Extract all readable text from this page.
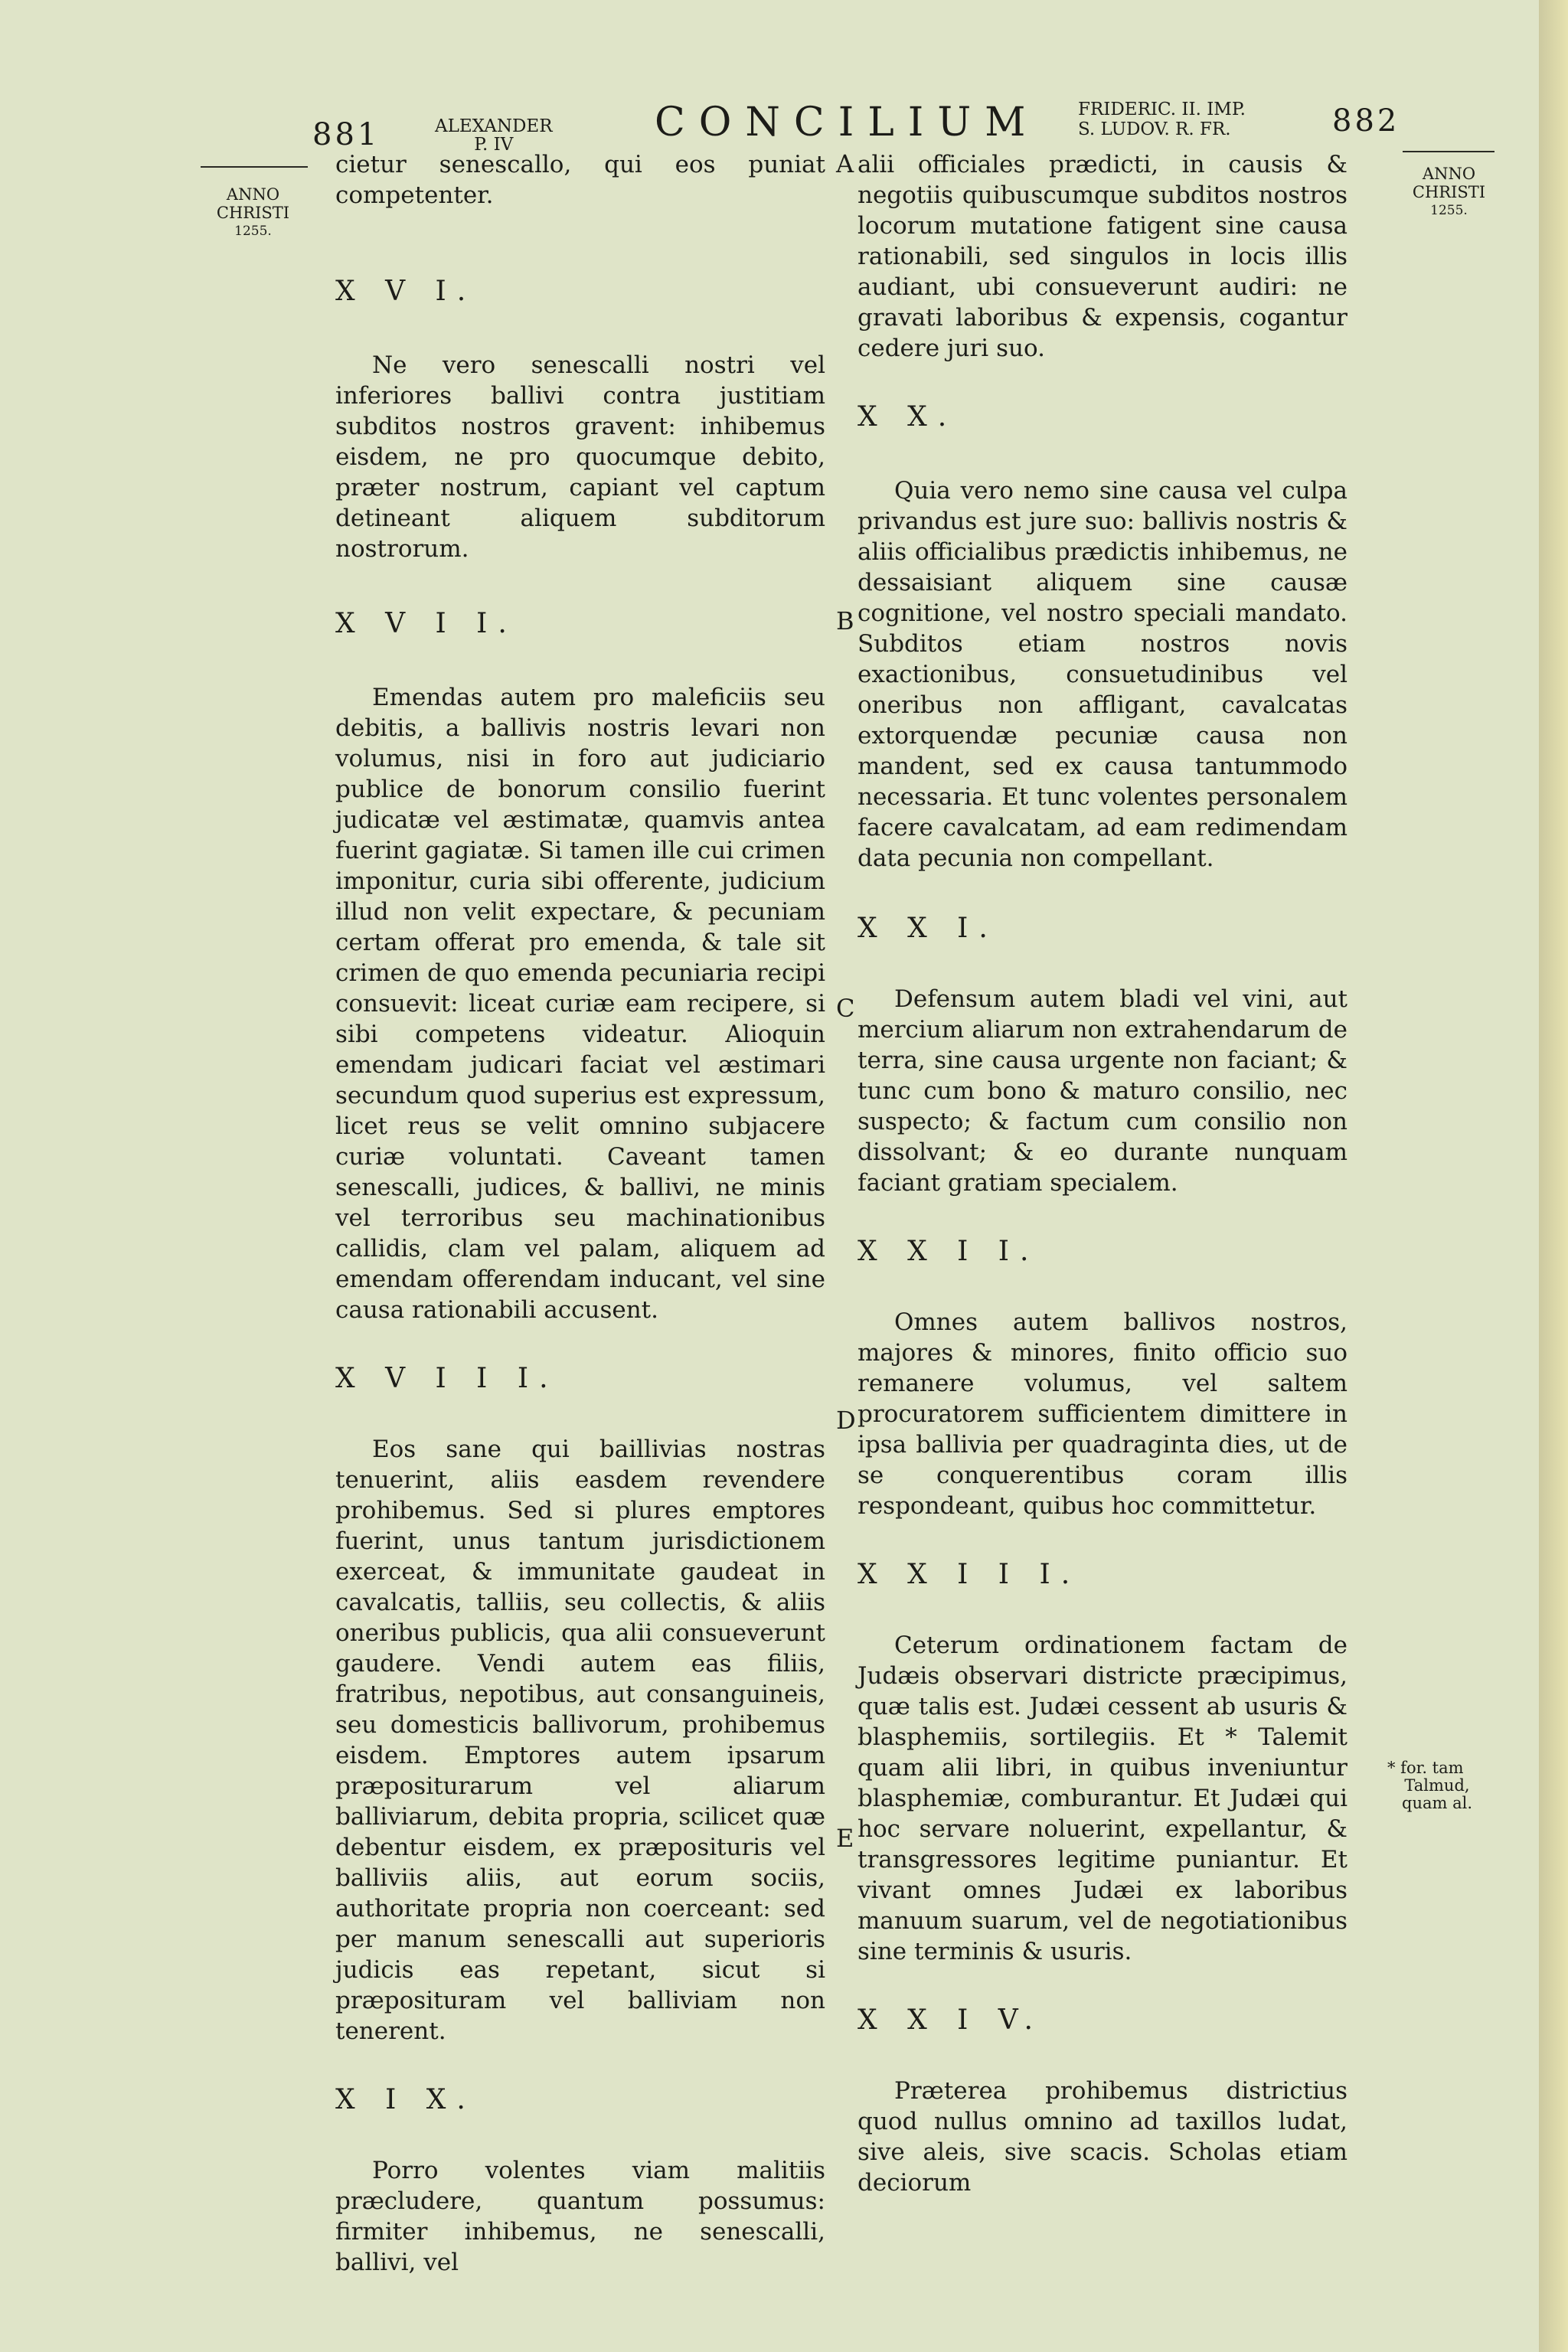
881	ALEXANDER
P. IV	CONCILIUM FRIDERIC. II. IMP.
S. LUDOV. R. FR.	882
ANNO
CHRISTI
1255.
ANNO
CHRISTI
1255.
A
B
C
D
E

cietur senescallo, qui eos puniat competenter.

X V I.

Ne vero senescalli nostri vel inferiores ballivi contra justitiam subditos nostros gravent: inhibemus eisdem, ne pro quocumque debito, præter nostrum, capiant vel captum detineant aliquem subditorum nostrorum.

X V I I.

Emendas autem pro maleficiis seu debitis, a ballivis nostris levari non volumus, nisi in foro aut judiciario publice de bonorum consilio fuerint judicatæ vel æstimatæ, quamvis antea fuerint gagiatæ. Si tamen ille cui crimen imponitur, curia sibi offerente, judicium illud non velit expectare, & pecuniam certam offerat pro emenda, & tale sit crimen de quo emenda pecuniaria recipi consuevit: liceat curiæ eam recipere, si sibi competens videatur. Alioquin emendam judicari faciat vel æstimari secundum quod superius est expressum, licet reus se velit omnino subjacere curiæ voluntati. Caveant tamen senescalli, judices, & ballivi, ne minis vel terroribus seu machinationibus callidis, clam vel palam, aliquem ad emendam offerendam inducant, vel sine causa rationabili accusent.

X V I I I.

Eos sane qui baillivias nostras tenuerint, aliis easdem revendere prohibemus. Sed si plures emptores fuerint, unus tantum jurisdictionem exerceat, & immunitate gaudeat in cavalcatis, talliis, seu collectis, & aliis oneribus publicis, qua alii consueverunt gaudere. Vendi autem eas filiis, fratribus, nepotibus, aut consanguineis, seu domesticis ballivorum, prohibemus eisdem. Emptores autem ipsarum præpositurarum vel aliarum balliviarum, debita propria, scilicet quæ debentur eisdem, ex præposituris vel balliviis aliis, aut eorum sociis, authoritate propria non coerceant: sed per manum senescalli aut superioris judicis eas repetant, sicut si præposituram vel balliviam non tenerent.

X I X.

Porro volentes viam malitiis præcludere, quantum possumus: firmiter inhibemus, ne senescalli, ballivi, vel

alii officiales prædicti, in causis & negotiis quibuscumque subditos nostros locorum mutatione fatigent sine causa rationabili, sed singulos in locis illis audiant, ubi consueverunt audiri: ne gravati laboribus & expensis, cogantur cedere juri suo.

X X.

Quia vero nemo sine causa vel culpa privandus est jure suo: ballivis nostris & aliis officialibus prædictis inhibemus, ne dessaisiant aliquem sine causæ cognitione, vel nostro speciali mandato. Subditos etiam nostros novis exactionibus, consuetudinibus vel oneribus non affligant, cavalcatas extorquendæ pecuniæ causa non mandent, sed ex causa tantummodo necessaria. Et tunc volentes personalem facere cavalcatam, ad eam redimendam data pecunia non compellant.

X X I.

Defensum autem bladi vel vini, aut mercium aliarum non extrahendarum de terra, sine causa urgente non faciant; & tunc cum bono & maturo consilio, nec suspecto; & factum cum consilio non dissolvant; & eo durante nunquam faciant gratiam specialem.

X X I I.

Omnes autem ballivos nostros, majores & minores, finito officio suo remanere volumus, vel saltem procuratorem sufficientem dimittere in ipsa ballivia per quadraginta dies, ut de se conquerentibus coram illis respondeant, quibus hoc committetur.

X X I I I.

Ceterum ordinationem factam de Judæis observari districte præcipimus, quæ talis est. Judæi cessent ab usuris & blasphemiis, sortilegiis. Et * Talemit quam alii libri, in quibus inveniuntur blasphemiæ, comburantur. Et Judæi qui hoc servare noluerint, expellantur, & transgressores legitime puniantur. Et vivant omnes Judæi ex laboribus manuum suarum, vel de negotiationibus sine terminis & usuris.

X X I V.

Præterea prohibemus districtius quod nullus omnino ad taxillos ludat, sive aleis, sive scacis. Scholas etiam deciorum

* for. tam
Talmud,
quam al.
